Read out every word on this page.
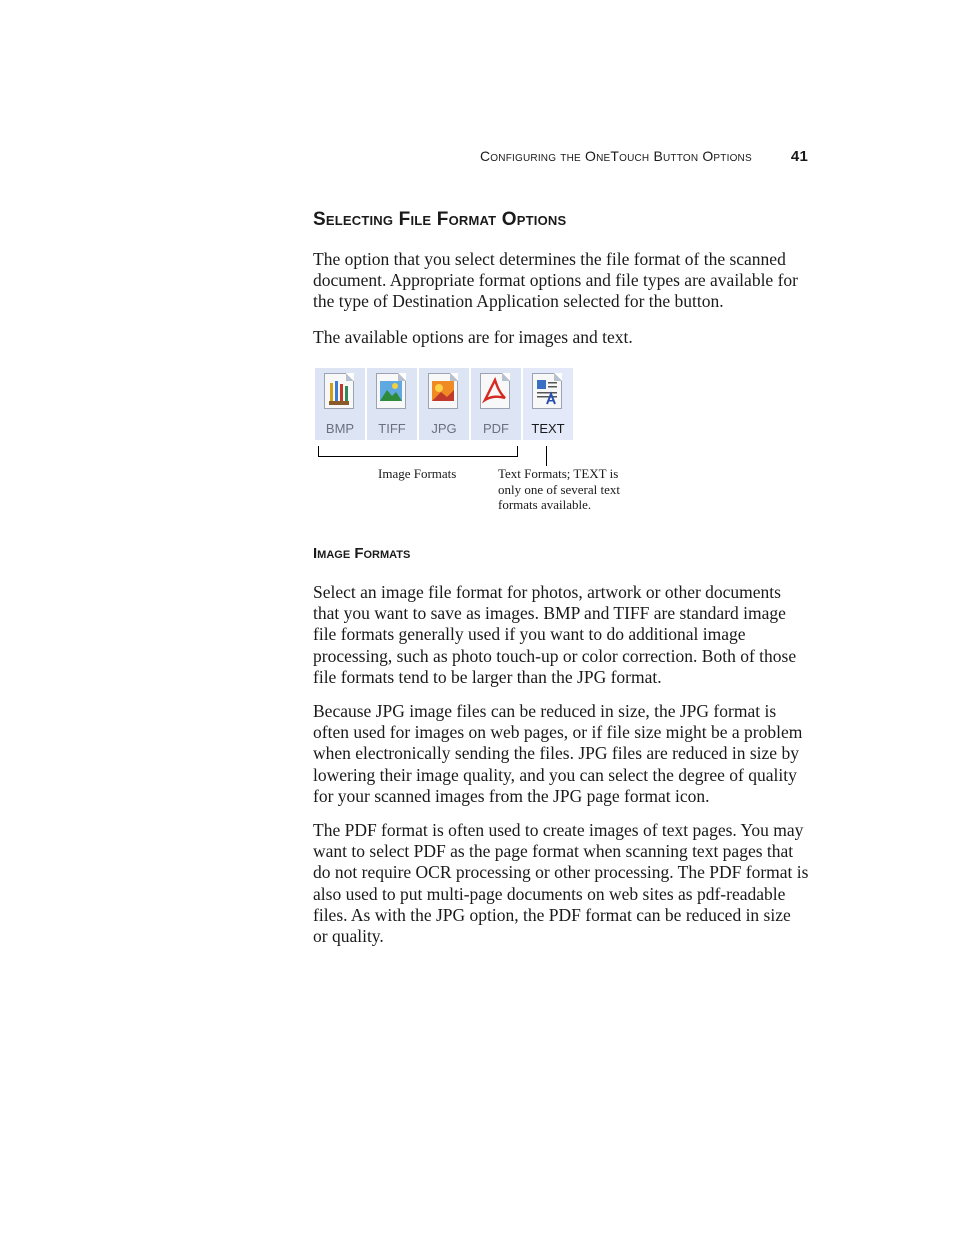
Configuring the OneTouch Button Options	41
Selecting File Format Options

The option that you select determines the file format of the scanned document. Appropriate format options and file types are available for the type of Destination Application selected for the button.

The available options are for images and text.

BMP	TIFF	JPG	PDF	TEXT

Image Formats	Text Formats; TEXT is only one of several text formats available.

Image Formats

Select an image file format for photos, artwork or other documents that you want to save as images. BMP and TIFF are standard image file formats generally used if you want to do additional image processing, such as photo touch-up or color correction. Both of those file formats tend to be larger than the JPG format.

Because JPG image files can be reduced in size, the JPG format is often used for images on web pages, or if file size might be a problem when electronically sending the files. JPG files are reduced in size by lowering their image quality, and you can select the degree of quality for your scanned images from the JPG page format icon.

The PDF format is often used to create images of text pages. You may want to select PDF as the page format when scanning text pages that do not require OCR processing or other processing. The PDF format is also used to put multi-page documents on web sites as pdf-readable files. As with the JPG option, the PDF format can be reduced in size or quality.
